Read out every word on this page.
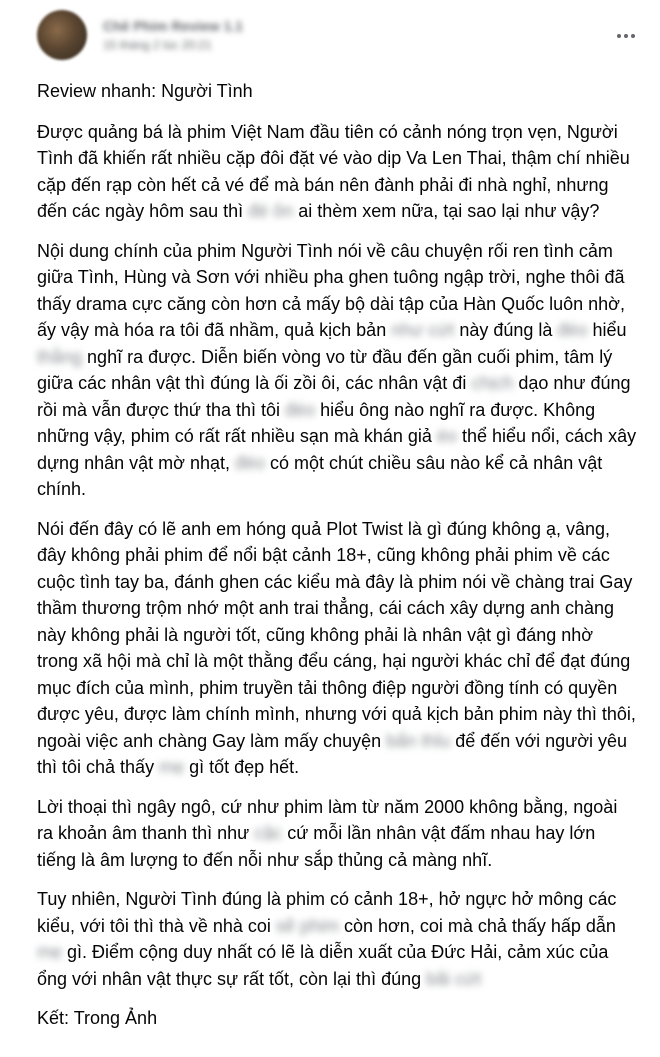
Chê Phim Review 1.1
15 tháng 2 lúc 20:21

Review nhanh: Người Tình

Được quảng bá là phim Việt Nam đầu tiên có cảnh nóng trọn vẹn, Người Tình đã khiến rất nhiều cặp đôi đặt vé vào dịp Va Len Thai, thậm chí nhiều cặp đến rạp còn hết cả vé để mà bán nên đành phải đi nhà nghỉ, nhưng đến các ngày hôm sau thì đé ôn ai thèm xem nữa, tại sao lại như vậy?

Nội dung chính của phim Người Tình nói về câu chuyện rối ren tình cảm giữa Tình, Hùng và Sơn với nhiều pha ghen tuông ngập trời, nghe thôi đã thấy drama cực căng còn hơn cả mấy bộ dài tập của Hàn Quốc luôn nhờ, ấy vậy mà hóa ra tôi đã nhầm, quả kịch bản như cứt này đúng là đéo hiểu thằng nghĩ ra được. Diễn biến vòng vo từ đầu đến gần cuối phim, tâm lý giữa các nhân vật thì đúng là ối zồi ôi, các nhân vật đi chịch dạo như đúng rồi mà vẫn được thứ tha thì tôi đéo hiểu ông nào nghĩ ra được. Không những vậy, phim có rất rất nhiều sạn mà khán giả éo thể hiểu nổi, cách xây dựng nhân vật mờ nhạt, đéo có một chút chiều sâu nào kể cả nhân vật chính.

Nói đến đây có lẽ anh em hóng quả Plot Twist là gì đúng không ạ, vâng, đây không phải phim để nổi bật cảnh 18+, cũng không phải phim về các cuộc tình tay ba, đánh ghen các kiểu mà đây là phim nói về chàng trai Gay thầm thương trộm nhớ một anh trai thẳng, cái cách xây dựng anh chàng này không phải là người tốt, cũng không phải là nhân vật gì đáng nhờ trong xã hội mà chỉ là một thằng đểu cáng, hại người khác chỉ để đạt đúng mục đích của mình, phim truyền tải thông điệp người đồng tính có quyền được yêu, được làm chính mình, nhưng với quả kịch bản phim này thì thôi, ngoài việc anh chàng Gay làm mấy chuyện bẩn thỉu để đến với người yêu thì tôi chả thấy mẹ gì tốt đẹp hết.

Lời thoại thì ngây ngô, cứ như phim làm từ năm 2000 không bằng, ngoài ra khoản âm thanh thì như cặc cứ mỗi lần nhân vật đấm nhau hay lớn tiếng là âm lượng to đến nỗi như sắp thủng cả màng nhĩ.

Tuy nhiên, Người Tình đúng là phim có cảnh 18+, hở ngực hở mông các kiểu, với tôi thì thà về nhà coi sẽ phim còn hơn, coi mà chả thấy hấp dẫn mẹ gì. Điểm cộng duy nhất có lẽ là diễn xuất của Đức Hải, cảm xúc của ổng với nhân vật thực sự rất tốt, còn lại thì đúng bãi cứt

Kết: Trong Ảnh
